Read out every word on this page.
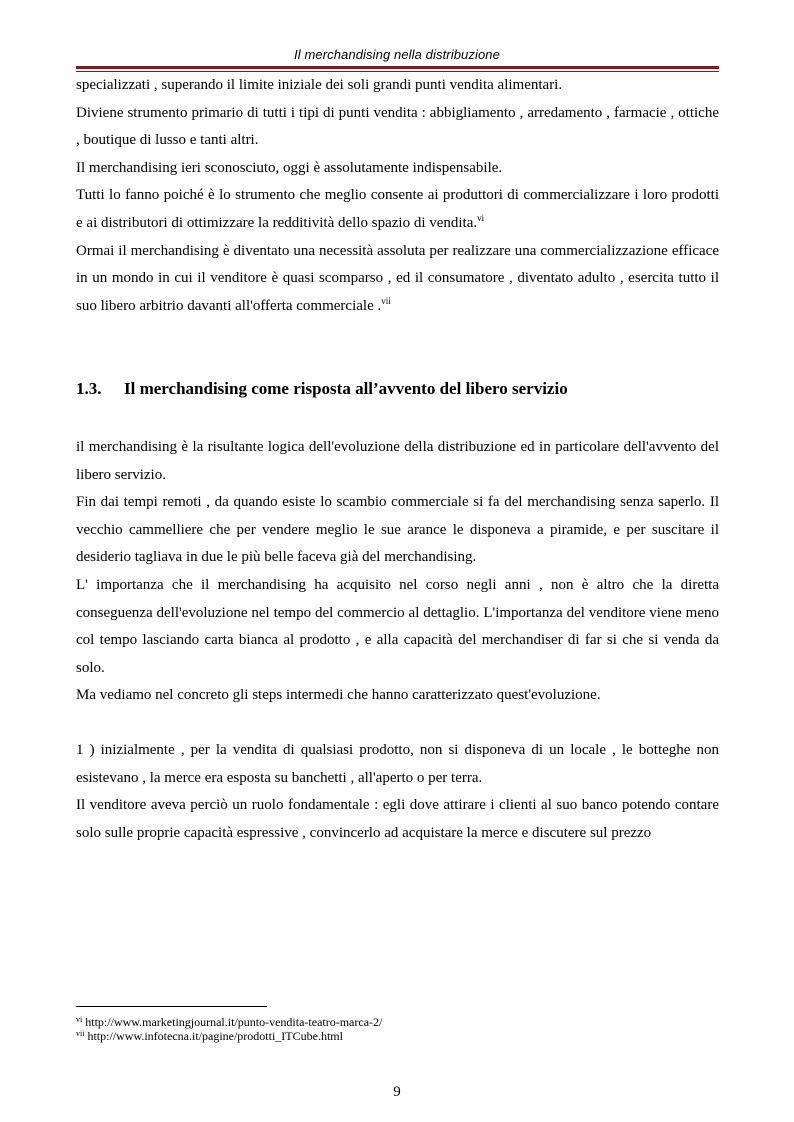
Il merchandising nella distribuzione

specializzati , superando il limite iniziale dei soli grandi punti vendita alimentari.

Diviene strumento primario di tutti i tipi di punti vendita : abbigliamento , arredamento , farmacie , ottiche , boutique di lusso e tanti altri.

Il merchandising ieri sconosciuto, oggi è assolutamente indispensabile.

Tutti lo fanno poiché è lo strumento che meglio consente ai produttori di commercializzare i loro prodotti e ai distributori di ottimizzare la redditività dello spazio di vendita.$^{vi}$

Ormai il merchandising è diventato una necessità assoluta per realizzare una commercializzazione efficace in un mondo in cui il venditore è quasi scomparso , ed il consumatore , diventato adulto , esercita tutto il suo libero arbitrio davanti all'offerta commerciale .$^{vii}$

1.3. Il merchandising come risposta all’avvento del libero servizio

il merchandising è la risultante logica dell'evoluzione della distribuzione ed in particolare dell'avvento del libero servizio.

Fin dai tempi remoti , da quando esiste lo scambio commerciale si fa del merchandising senza saperlo. Il vecchio cammelliere che per vendere meglio le sue arance le disponeva a piramide, e per suscitare il desiderio tagliava in due le più belle faceva già del merchandising.

L' importanza che il merchandising ha acquisito nel corso negli anni , non è altro che la diretta conseguenza dell'evoluzione nel tempo del commercio al dettaglio. L'importanza del venditore viene meno col tempo lasciando carta bianca al prodotto , e alla capacità del merchandiser di far si che si venda da solo.

Ma vediamo nel concreto gli steps intermedi che hanno caratterizzato quest'evoluzione.

1 ) inizialmente , per la vendita di qualsiasi prodotto, non si disponeva di un locale , le botteghe non esistevano , la merce era esposta su banchetti , all'aperto o per terra.

Il venditore aveva perciò un ruolo fondamentale : egli dove attirare i clienti al suo banco potendo contare solo sulle proprie capacità espressive , convincerlo ad acquistare la merce e discutere sul prezzo

$^{vi}$ http://www.marketingjournal.it/punto-vendita-teatro-marca-2/
$^{vii}$ http://www.infotecna.it/pagine/prodotti_ITCube.html
9
